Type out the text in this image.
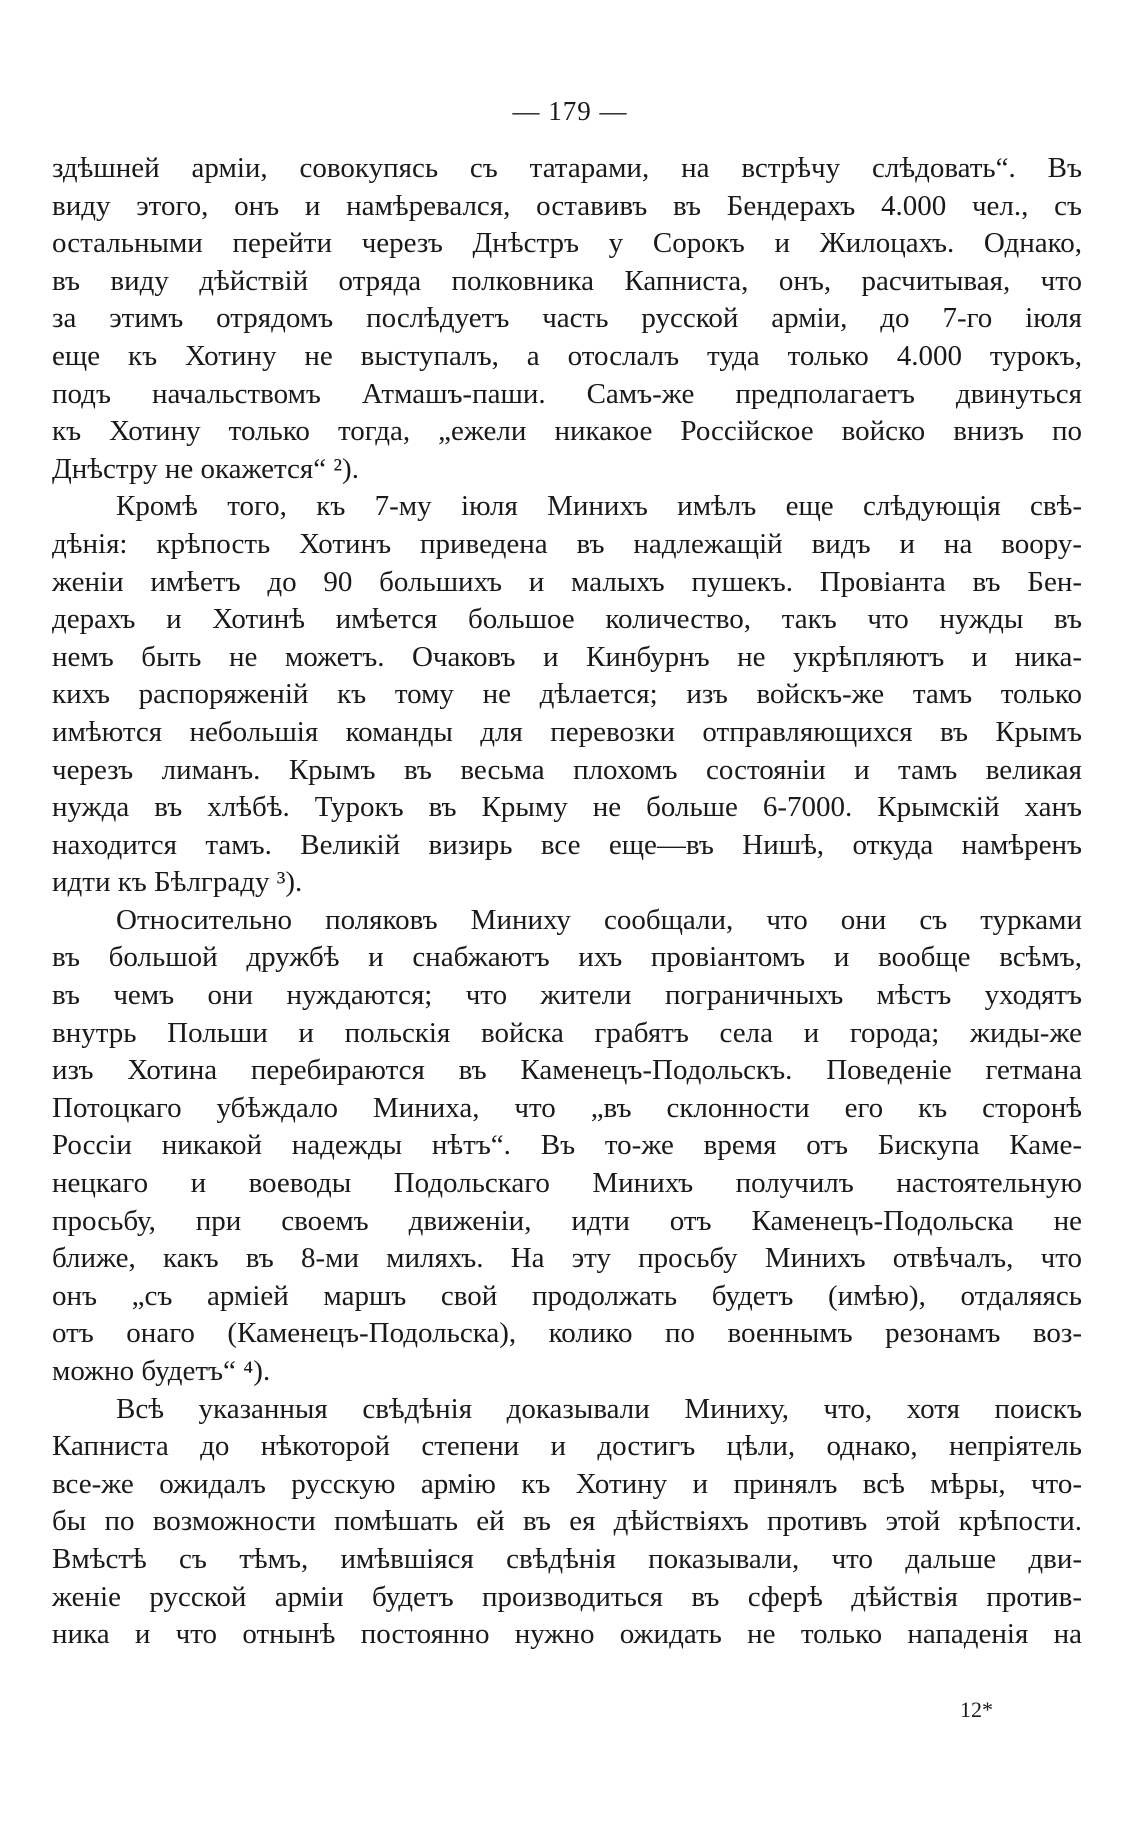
— 179 —
здѣшней арміи, совокупясь съ татарами, на встрѣчу слѣдовать“. Въ
виду этого, онъ и намѣревался, оставивъ въ Бендерахъ 4.000 чел., съ
остальными перейти черезъ Днѣстръ у Сорокъ и Жилоцахъ. Однако,
въ виду дѣйствій отряда полковника Капниста, онъ, расчитывая, что
за этимъ отрядомъ послѣдуетъ часть русской арміи, до 7-го іюля
еще къ Хотину не выступалъ, а отослалъ туда только 4.000 турокъ,
подъ начальствомъ Атмашъ-паши. Самъ-же предполагаетъ двинуться
къ Хотину только тогда, „ежели никакое Россійское войско внизъ по
Днѣстру не окажется“ ²).
Кромѣ того, къ 7-му іюля Минихъ имѣлъ еще слѣдующія свѣ-
дѣнія: крѣпость Хотинъ приведена въ надлежащій видъ и на воору-
женіи имѣетъ до 90 большихъ и малыхъ пушекъ. Провіанта въ Бен-
дерахъ и Хотинѣ имѣется большое количество, такъ что нужды въ
немъ быть не можетъ. Очаковъ и Кинбурнъ не укрѣпляютъ и ника-
кихъ распоряженій къ тому не дѣлается; изъ войскъ-же тамъ только
имѣются небольшія команды для перевозки отправляющихся въ Крымъ
черезъ лиманъ. Крымъ въ весьма плохомъ состояніи и тамъ великая
нужда въ хлѣбѣ. Турокъ въ Крыму не больше 6-7000. Крымскій ханъ
находится тамъ. Великій визирь все еще—въ Нишѣ, откуда намѣренъ
идти къ Бѣлграду ³).
Относительно поляковъ Миниху сообщали, что они съ турками
въ большой дружбѣ и снабжаютъ ихъ провіантомъ и вообще всѣмъ,
въ чемъ они нуждаются; что жители пограничныхъ мѣстъ уходятъ
внутрь Польши и польскія войска грабятъ села и города; жиды-же
изъ Хотина перебираются въ Каменецъ-Подольскъ. Поведеніе гетмана
Потоцкаго убѣждало Миниха, что „въ склонности его къ сторонѣ
Россіи никакой надежды нѣтъ“. Въ то-же время отъ Бискупа Каме-
нецкаго и воеводы Подольскаго Минихъ получилъ настоятельную
просьбу, при своемъ движеніи, идти отъ Каменецъ-Подольска не
ближе, какъ въ 8-ми миляхъ. На эту просьбу Минихъ отвѣчалъ, что
онъ „съ арміей маршъ свой продолжать будетъ (имѣю), отдаляясь
отъ онаго (Каменецъ-Подольска), колико по военнымъ резонамъ воз-
можно будетъ“ ⁴).
Всѣ указанныя свѣдѣнія доказывали Миниху, что, хотя поискъ
Капниста до нѣкоторой степени и достигъ цѣли, однако, непріятель
все-же ожидалъ русскую армію къ Хотину и принялъ всѣ мѣры, что-
бы по возможности помѣшать ей въ ея дѣйствіяхъ противъ этой крѣпости.
Вмѣстѣ съ тѣмъ, имѣвшіяся свѣдѣнія показывали, что дальше дви-
женіе русской арміи будетъ производиться въ сферѣ дѣйствія против-
ника и что отнынѣ постоянно нужно ожидать не только нападенія на
12*
